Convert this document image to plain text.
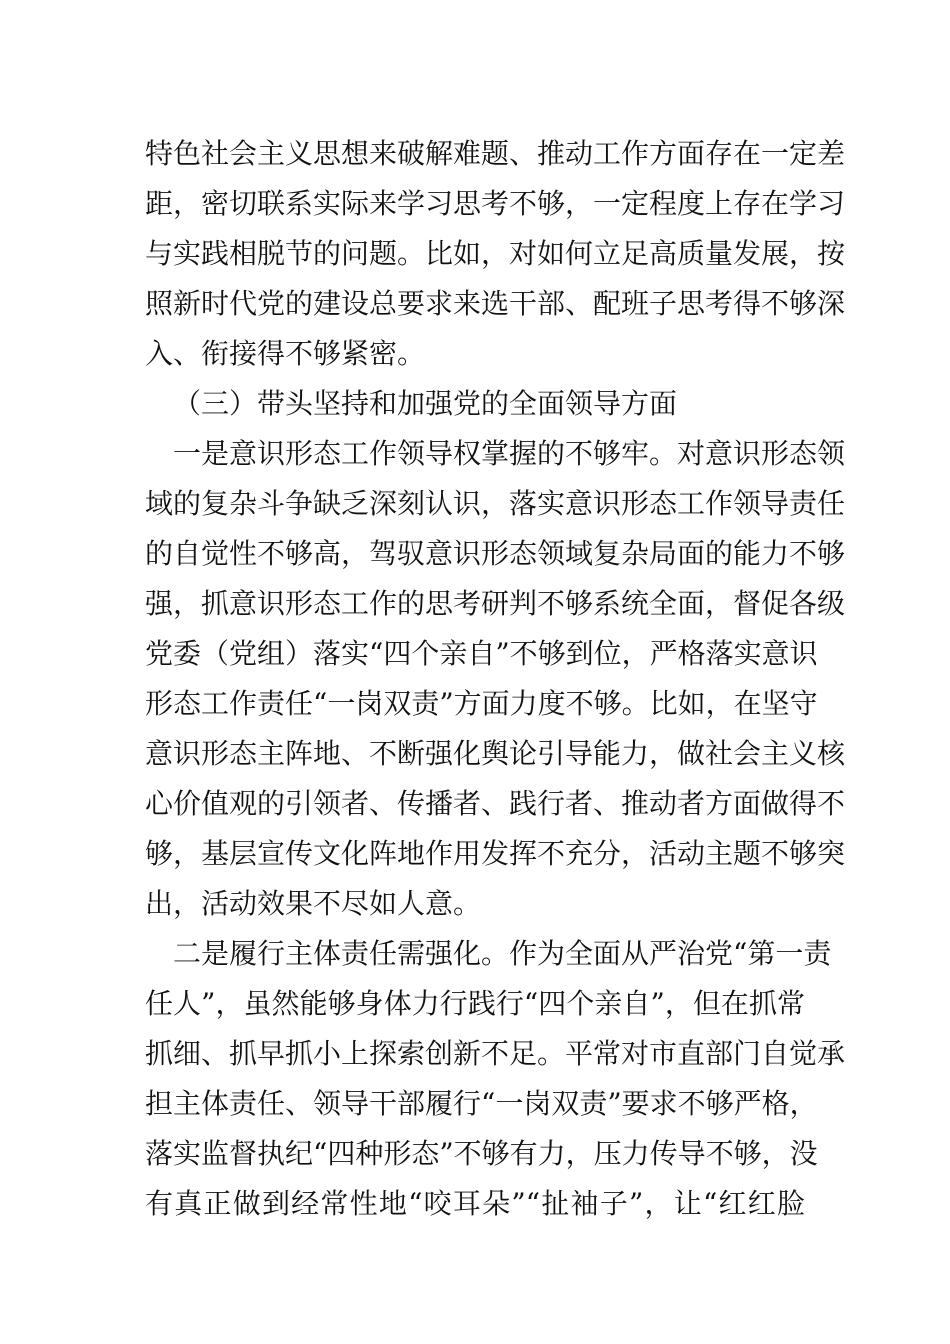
特色社会主义思想来破解难题、推动工作方面存在一定差
距，密切联系实际来学习思考不够，一定程度上存在学习
与实践相脱节的问题。比如，对如何立足高质量发展，按
照新时代党的建设总要求来选干部、配班子思考得不够深
入、衔接得不够紧密。
（三）带头坚持和加强党的全面领导方面
一是意识形态工作领导权掌握的不够牢。对意识形态领
域的复杂斗争缺乏深刻认识，落实意识形态工作领导责任
的自觉性不够高，驾驭意识形态领域复杂局面的能力不够
强，抓意识形态工作的思考研判不够系统全面，督促各级
党委（党组）落实“四个亲自”不够到位，严格落实意识
形态工作责任“一岗双责”方面力度不够。比如，在坚守
意识形态主阵地、不断强化舆论引导能力，做社会主义核
心价值观的引领者、传播者、践行者、推动者方面做得不
够，基层宣传文化阵地作用发挥不充分，活动主题不够突
出，活动效果不尽如人意。
二是履行主体责任需强化。作为全面从严治党“第一责
任人”，虽然能够身体力行践行“四个亲自”，但在抓常
抓细、抓早抓小上探索创新不足。平常对市直部门自觉承
担主体责任、领导干部履行“一岗双责”要求不够严格，
落实监督执纪“四种形态”不够有力，压力传导不够，没
有真正做到经常性地“咬耳朵”“扯袖子”，让“红红脸
